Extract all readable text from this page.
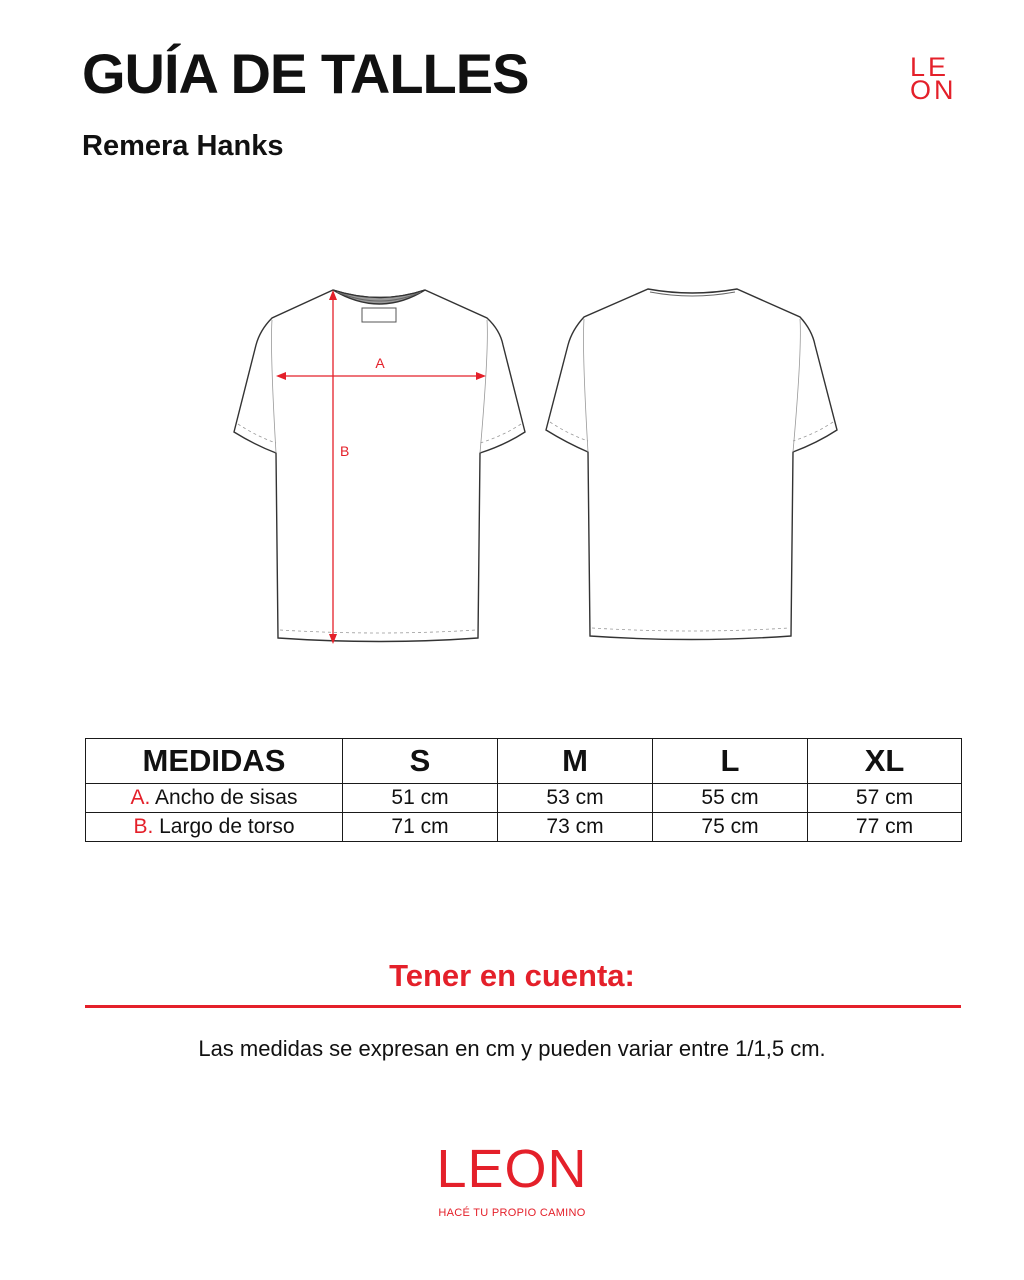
GUÍA DE TALLES
Remera Hanks
LE
ON
A
B
MEDIDAS	S	M	L	XL
A. Ancho de sisas	51 cm	53 cm	55 cm	57 cm
B. Largo de torso	71 cm	73 cm	75 cm	77 cm
Tener en cuenta:
Las medidas se expresan en cm y pueden variar entre 1/1,5 cm.
LEON
HACÉ TU PROPIO CAMINO
